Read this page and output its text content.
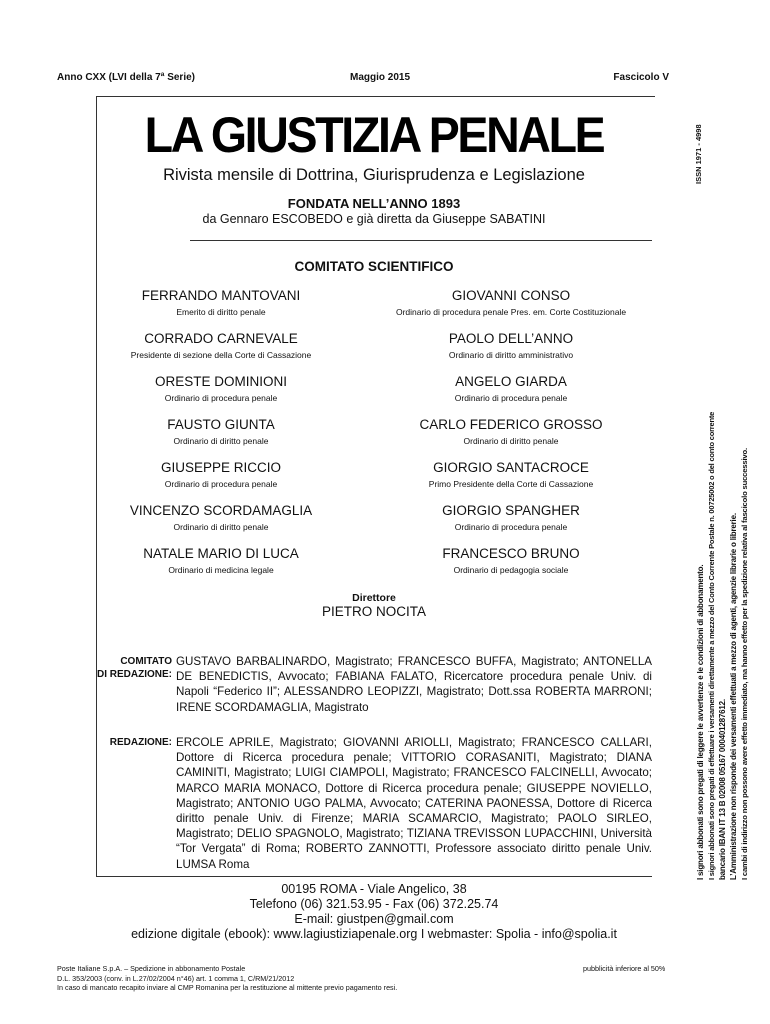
Anno CXX (LVI della 7ª Serie)	Maggio 2015	Fascicolo V
LA GIUSTIZIA PENALE
Rivista mensile di Dottrina, Giurisprudenza e Legislazione
FONDATA NELL’ANNO 1893
da Gennaro ESCOBEDO e già diretta da Giuseppe SABATINI
COMITATO SCIENTIFICO
FERRANDO MANTOVANI
Emerito di diritto penale
GIOVANNI CONSO
Ordinario di procedura penale Pres. em. Corte Costituzionale
CORRADO CARNEVALE
Presidente di sezione della Corte di Cassazione
PAOLO DELL’ANNO
Ordinario di diritto amministrativo
ORESTE DOMINIONI
Ordinario di procedura penale
ANGELO GIARDA
Ordinario di procedura penale
FAUSTO GIUNTA
Ordinario di diritto penale
CARLO FEDERICO GROSSO
Ordinario di diritto penale
GIUSEPPE RICCIO
Ordinario di procedura penale
GIORGIO SANTACROCE
Primo Presidente della Corte di Cassazione
VINCENZO SCORDAMAGLIA
Ordinario di diritto penale
GIORGIO SPANGHER
Ordinario di procedura penale
NATALE MARIO DI LUCA
Ordinario di medicina legale
FRANCESCO BRUNO
Ordinario di pedagogia sociale
Direttore
PIETRO NOCITA
COMITATO
DI REDAZIONE:
GUSTAVO BARBALINARDO, Magistrato; FRANCESCO BUFFA, Magistrato; ANTONELLA DE BENEDICTIS, Avvocato; FABIANA FALATO, Ricercatore procedura penale Univ. di Napoli “Federico II”; ALESSANDRO LEOPIZZI, Magistrato; Dott.ssa ROBERTA MARRONI; IRENE SCORDAMAGLIA, Magistrato
REDAZIONE: ERCOLE APRILE, Magistrato; GIOVANNI ARIOLLI, Magistrato; FRANCESCO CALLARI, Dottore di Ricerca procedura penale; VITTORIO CORASANITI, Magistrato; DIANA CAMINITI, Magistrato; LUIGI CIAMPOLI, Magistrato; FRANCESCO FALCINELLI, Avvocato; MARCO MARIA MONACO, Dottore di Ricerca procedura penale; GIUSEPPE NOVIELLO, Magistrato; ANTONIO UGO PALMA, Avvocato; CATERINA PAONESSA, Dottore di Ricerca diritto penale Univ. di Firenze; MARIA SCAMARCIO, Magistrato; PAOLO SIRLEO, Magistrato; DELIO SPAGNOLO, Magistrato; TIZIANA TREVISSON LUPACCHINI, Università “Tor Vergata” di Roma; ROBERTO ZANNOTTI, Professore associato diritto penale Univ. LUMSA Roma
00195 ROMA - Viale Angelico, 38
Telefono (06) 321.53.95 - Fax (06) 372.25.74
E-mail: giustpen@gmail.com
edizione digitale (ebook): www.lagiustiziapenale.org I webmaster: Spolia - info@spolia.it
Poste Italiane S.p.A. – Spedizione in abbonamento Postale
D.L. 353/2003 (conv. in L.27/02/2004 n°46) art. 1 comma 1, C/RM/21/2012
In caso di mancato recapito inviare al CMP Romanina per la restituzione al mittente previo pagamento resi.
pubblicità inferiore al 50%
ISSN 1971 - 4998
I signori abbonati sono pregati di leggere le avvertenze e le condizioni di abbonamento. I signori abbonati sono pregati di effettuare i versamenti direttamente a mezzo del Conto Corrente Postale n. 00725002 o del conto corrente bancario IBAN IT 13 B 02008 05167 000401287612. L’Amministrazione non risponde dei versamenti effettuati a mezzo di agenti, agenzie librarie o librerie. I cambi di indirizzo non possono avere effetto immediato, ma hanno effetto per la spedizione relativa al fascicolo successivo.
